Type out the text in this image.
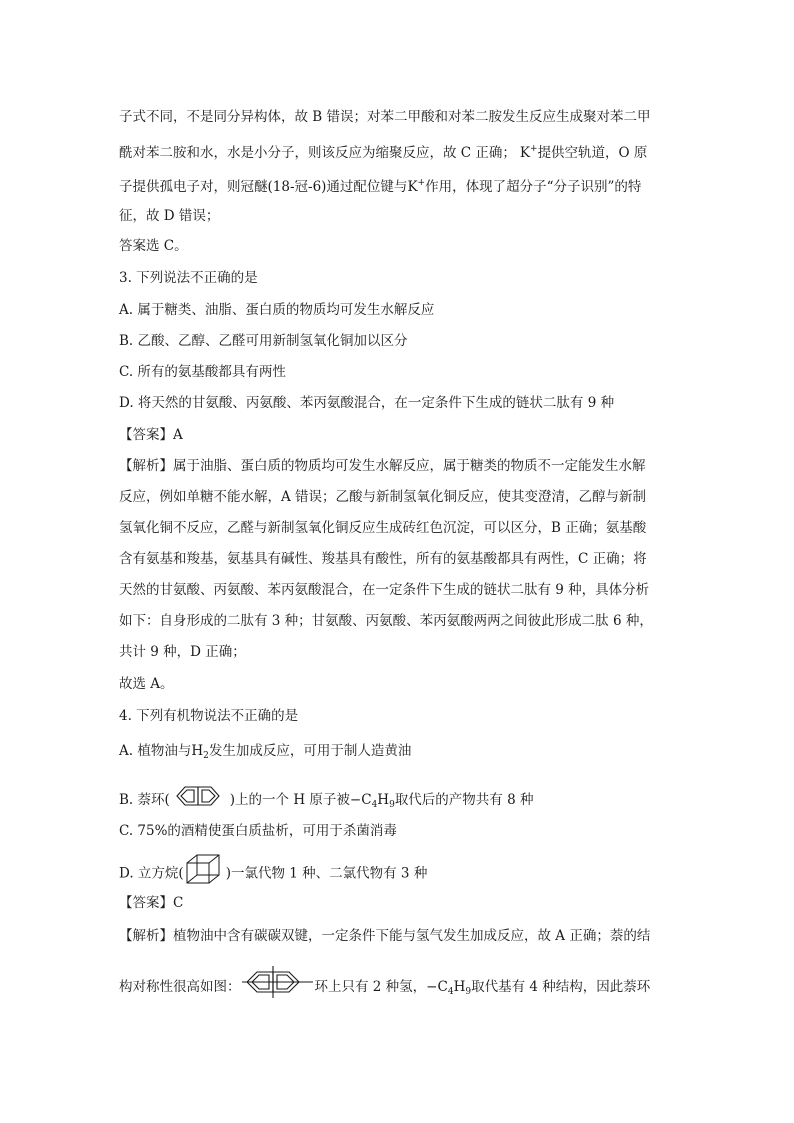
子式不同，不是同分异构体，故 B 错误；对苯二甲酸和对苯二胺发生反应生成聚对苯二甲
酰对苯二胺和水，水是小分子，则该反应为缩聚反应，故 C 正确； K+提供空轨道，O 原
子提供孤电子对，则冠醚(18-冠-6)通过配位键与K+作用，体现了超分子“分子识别”的特
征，故 D 错误；
答案选 C。
3. 下列说法不正确的是
A. 属于糖类、油脂、蛋白质的物质均可发生水解反应
B. 乙酸、乙醇、乙醛可用新制氢氧化铜加以区分
C. 所有的氨基酸都具有两性
D. 将天然的甘氨酸、丙氨酸、苯丙氨酸混合，在一定条件下生成的链状二肽有 9 种
【答案】A
【解析】属于油脂、蛋白质的物质均可发生水解反应，属于糖类的物质不一定能发生水解
反应，例如单糖不能水解，A 错误；乙酸与新制氢氧化铜反应，使其变澄清，乙醇与新制
氢氧化铜不反应，乙醛与新制氢氧化铜反应生成砖红色沉淀，可以区分，B 正确；氨基酸
含有氨基和羧基，氨基具有碱性、羧基具有酸性，所有的氨基酸都具有两性，C 正确；将
天然的甘氨酸、丙氨酸、苯丙氨酸混合，在一定条件下生成的链状二肽有 9 种，具体分析
如下：自身形成的二肽有 3 种；甘氨酸、丙氨酸、苯丙氨酸两两之间彼此形成二肽 6 种，
共计 9 种，D 正确；
故选 A。
4. 下列有机物说法不正确的是
A. 植物油与$H_2$发生加成反应，可用于制人造黄油
B. 萘环(	)上的一个 H 原子被$-C_4H_9$取代后的产物共有 8 种
C. 75%的酒精使蛋白质盐析，可用于杀菌消毒
D. 立方烷(	)一氯代物 1 种、二氯代物有 3 种
【答案】C
【解析】植物油中含有碳碳双键，一定条件下能与氢气发生加成反应，故 A 正确；萘的结
构对称性很高如图：	环上只有 2 种氢，$-C_4H_9$取代基有 4 种结构，因此萘环
